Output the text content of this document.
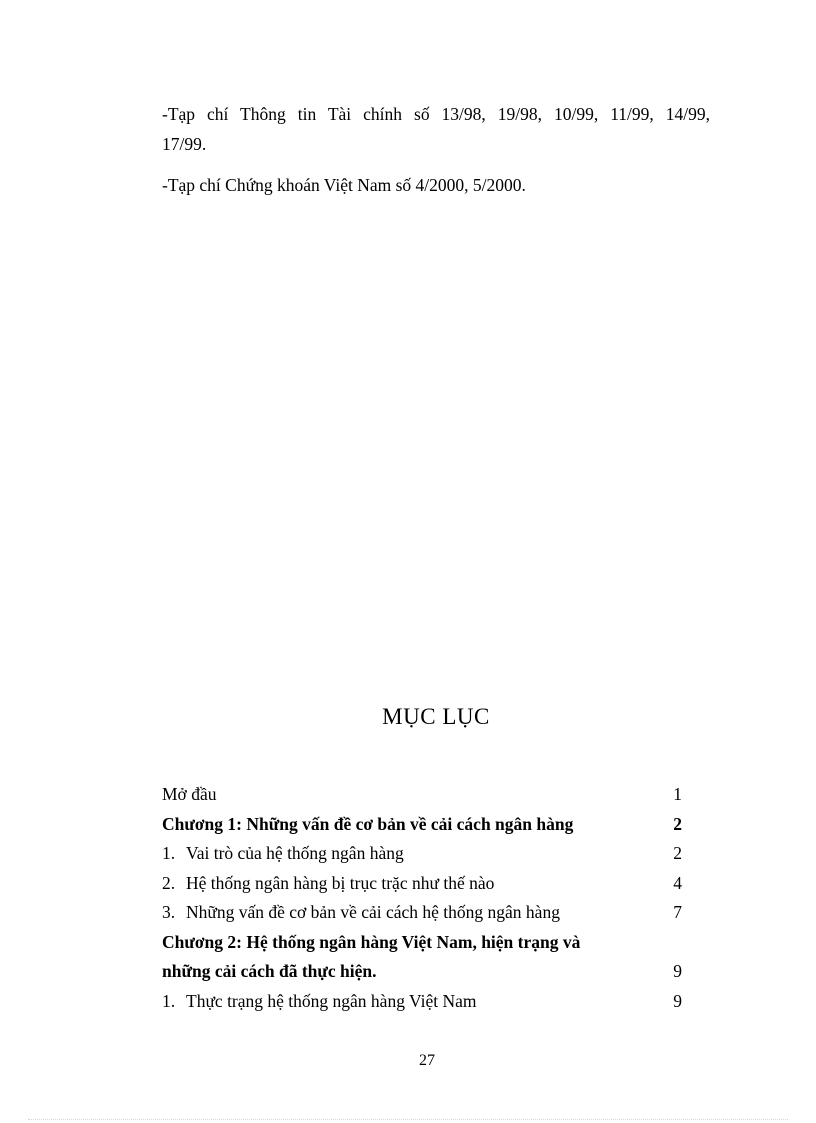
-Tạp chí Thông tin Tài chính số 13/98, 19/98, 10/99, 11/99, 14/99, 17/99.

-Tạp chí Chứng khoán Việt Nam số 4/2000, 5/2000.

MỤC LỤC
Mở đầu	1
Chương 1: Những vấn đề cơ bản về cải cách ngân hàng	2
1. Vai trò của hệ thống ngân hàng	2
2. Hệ thống ngân hàng bị trục trặc như thế nào	4
3. Những vấn đề cơ bản về cải cách hệ thống ngân hàng	7
Chương 2: Hệ thống ngân hàng Việt Nam, hiện trạng và
những cải cách đã thực hiện.	9
1. Thực trạng hệ thống ngân hàng Việt Nam	9
27
